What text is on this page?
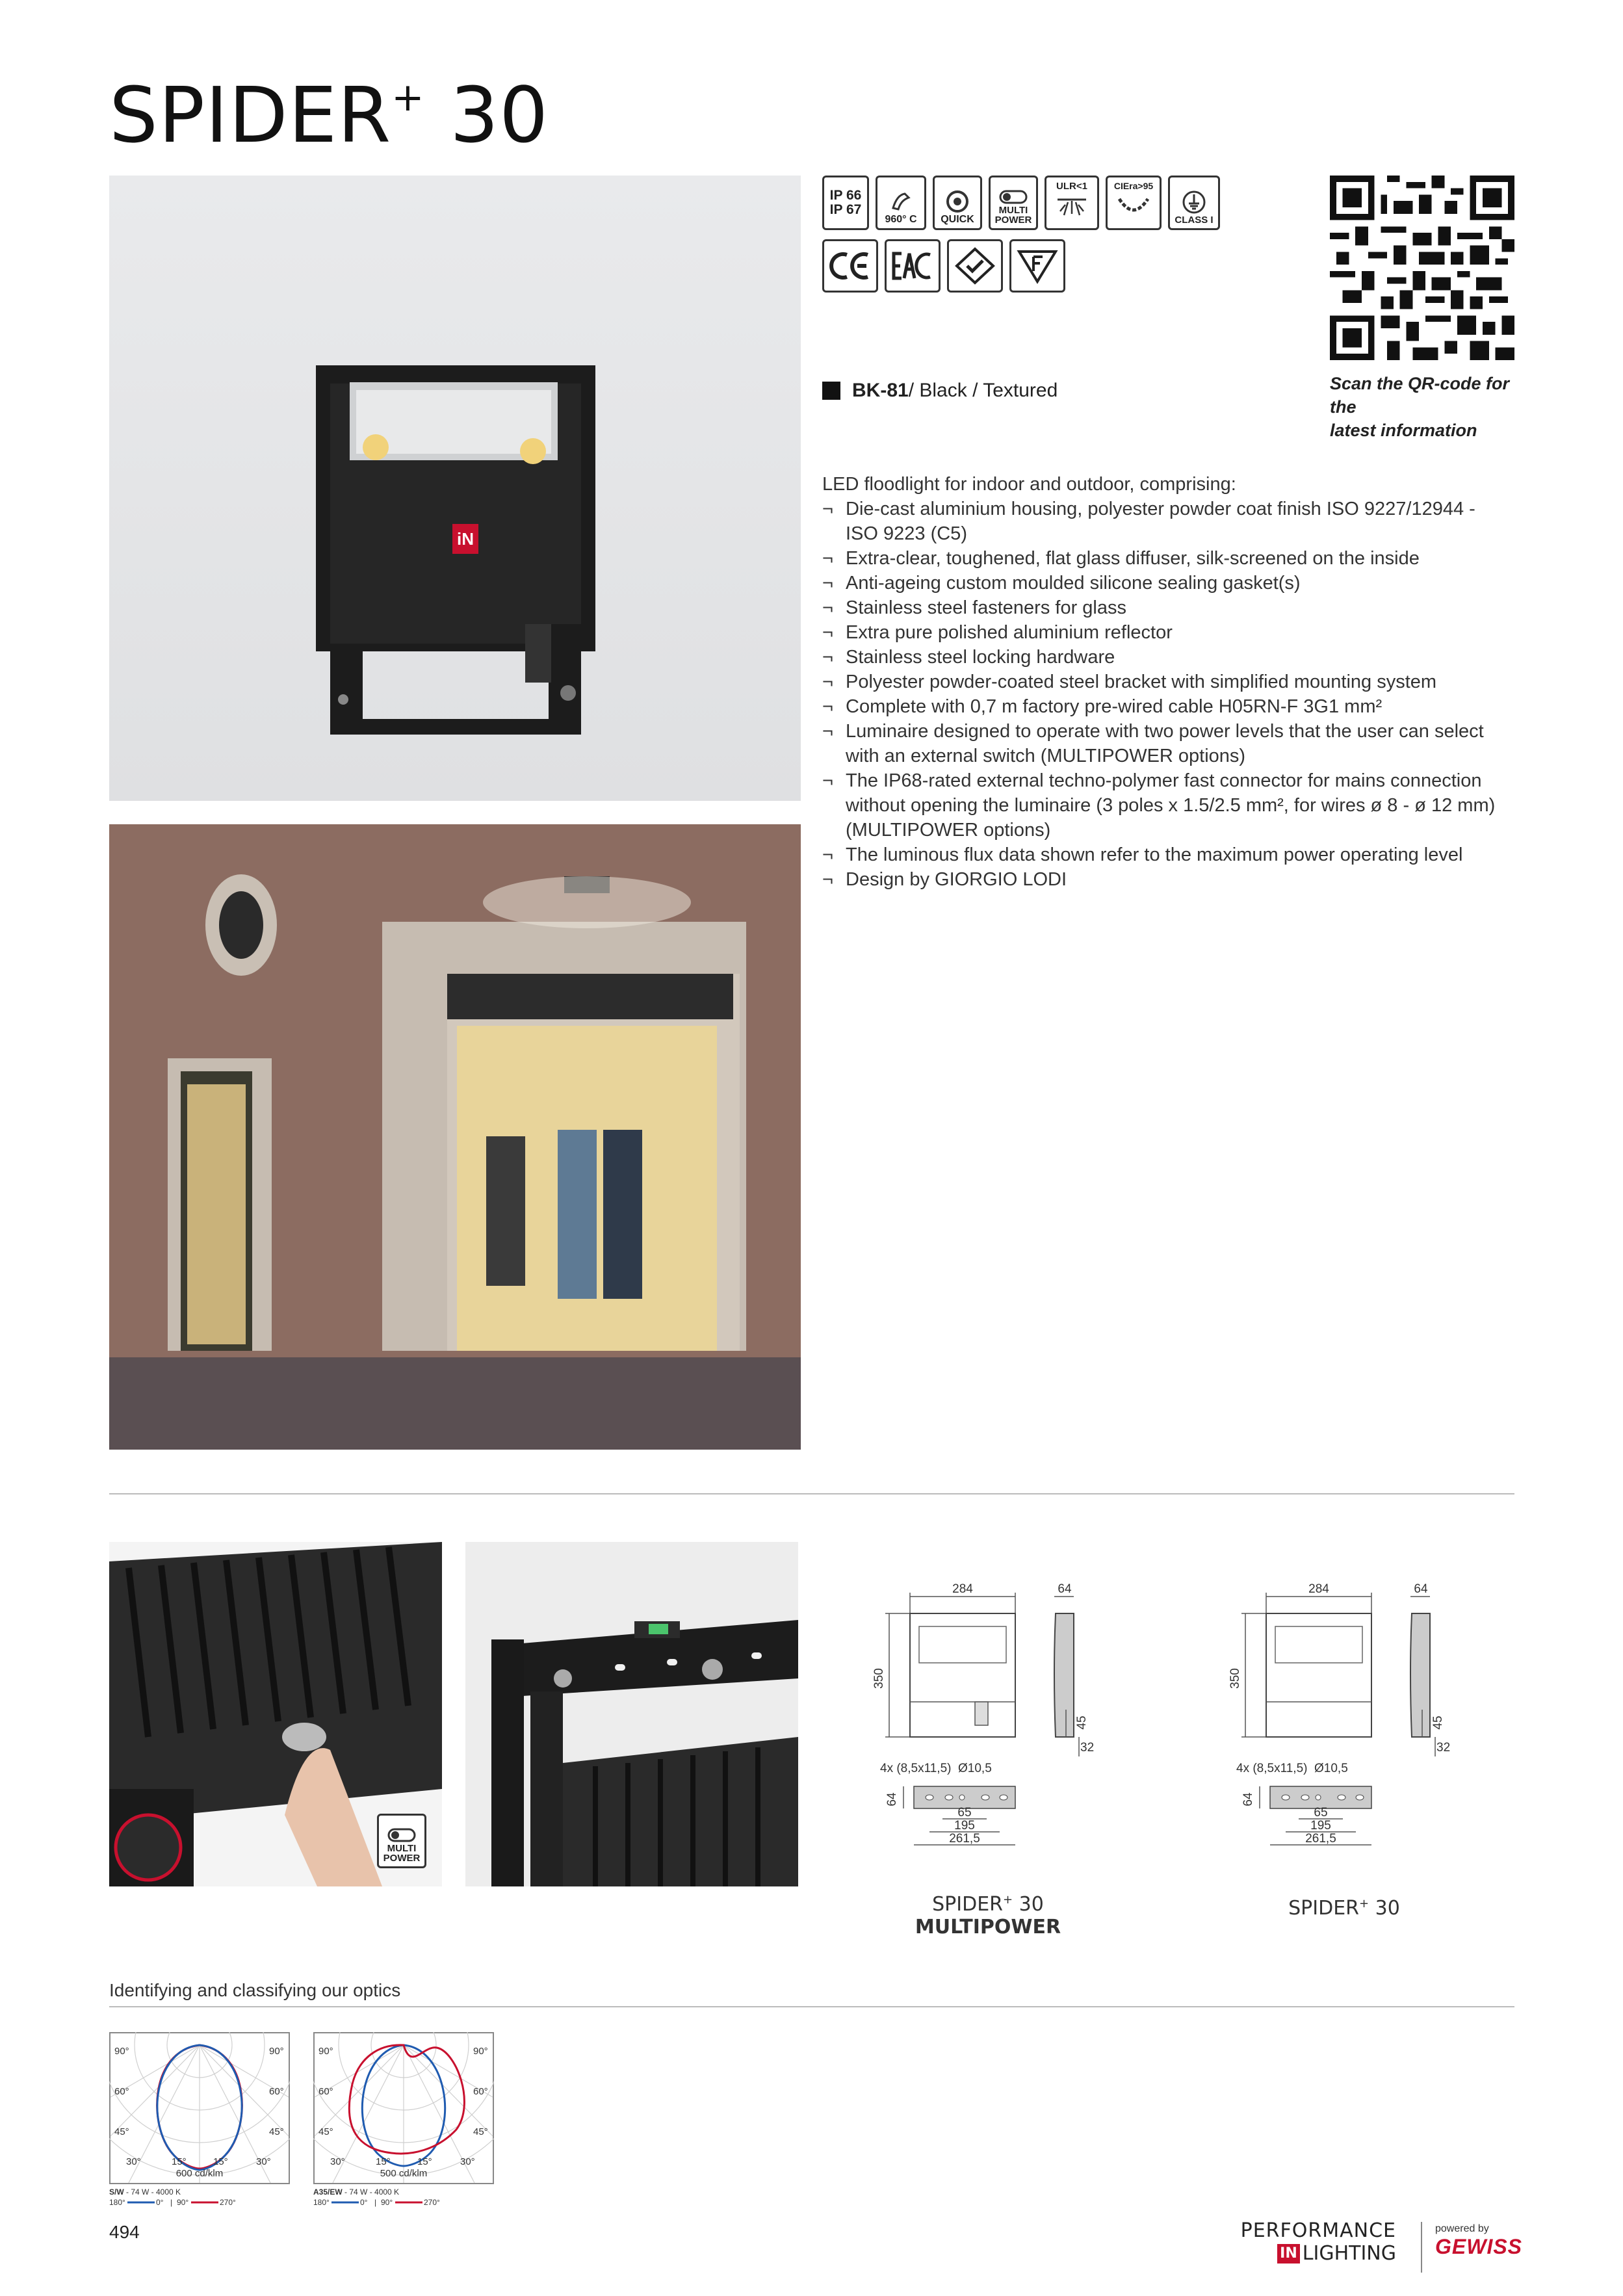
SPIDER+ 30
iN
IP 66
IP 67
960° C QUICK
MULTI
POWER
ULR<1	CIEra>95
CLASS I
Scan the QR-code for the
latest information
BK-81 / Black / Textured
LED floodlight for indoor and outdoor, comprising:
¬ Die-cast aluminium housing, polyester powder coat finish ISO 9227/12944 - ISO 9223 (C5)
¬ Extra-clear, toughened, flat glass diffuser, silk-screened on the inside
¬ Anti-ageing custom moulded silicone sealing gasket(s)
¬ Stainless steel fasteners for glass
¬ Extra pure polished aluminium reflector
¬ Stainless steel locking hardware
¬ Polyester powder-coated steel bracket with simplified mounting system
¬ Complete with 0,7 m factory pre-wired cable H05RN-F 3G1 mm²
¬ Luminaire designed to operate with two power levels that the user can select with an external switch (MULTIPOWER options)
¬ The IP68-rated external techno-polymer fast connector for mains connection without opening the luminaire (3 poles x 1.5/2.5 mm², for wires ø 8 - ø 12 mm) (MULTIPOWER options)
¬ The luminous flux data shown refer to the maximum power operating level
¬ Design by GIORGIO LODI
MULTI
POWER
284	64
350
45
32
4x (8,5x11,5) Ø10,5
64
65
195
261,5
SPIDER+ 30
MULTIPOWER
284	64
350
45
32
4x (8,5x11,5) Ø10,5
64
65
195
261,5
SPIDER+ 30
Identifying and classifying our optics
90°	90°
60°	60°
45°	45°
30°	15°	15°	30°
600 cd/klm
S/W - 74 W - 4000 K
180°	0° | 90°	270°
90°	90°
60°	60°
45°	45°
30°	15°	15°	30°
500 cd/klm
A35/EW - 74 W - 4000 K
180°	0° | 90°	270°
494	PERFORMANCE
IN LIGHTING
powered by
GEWISS
